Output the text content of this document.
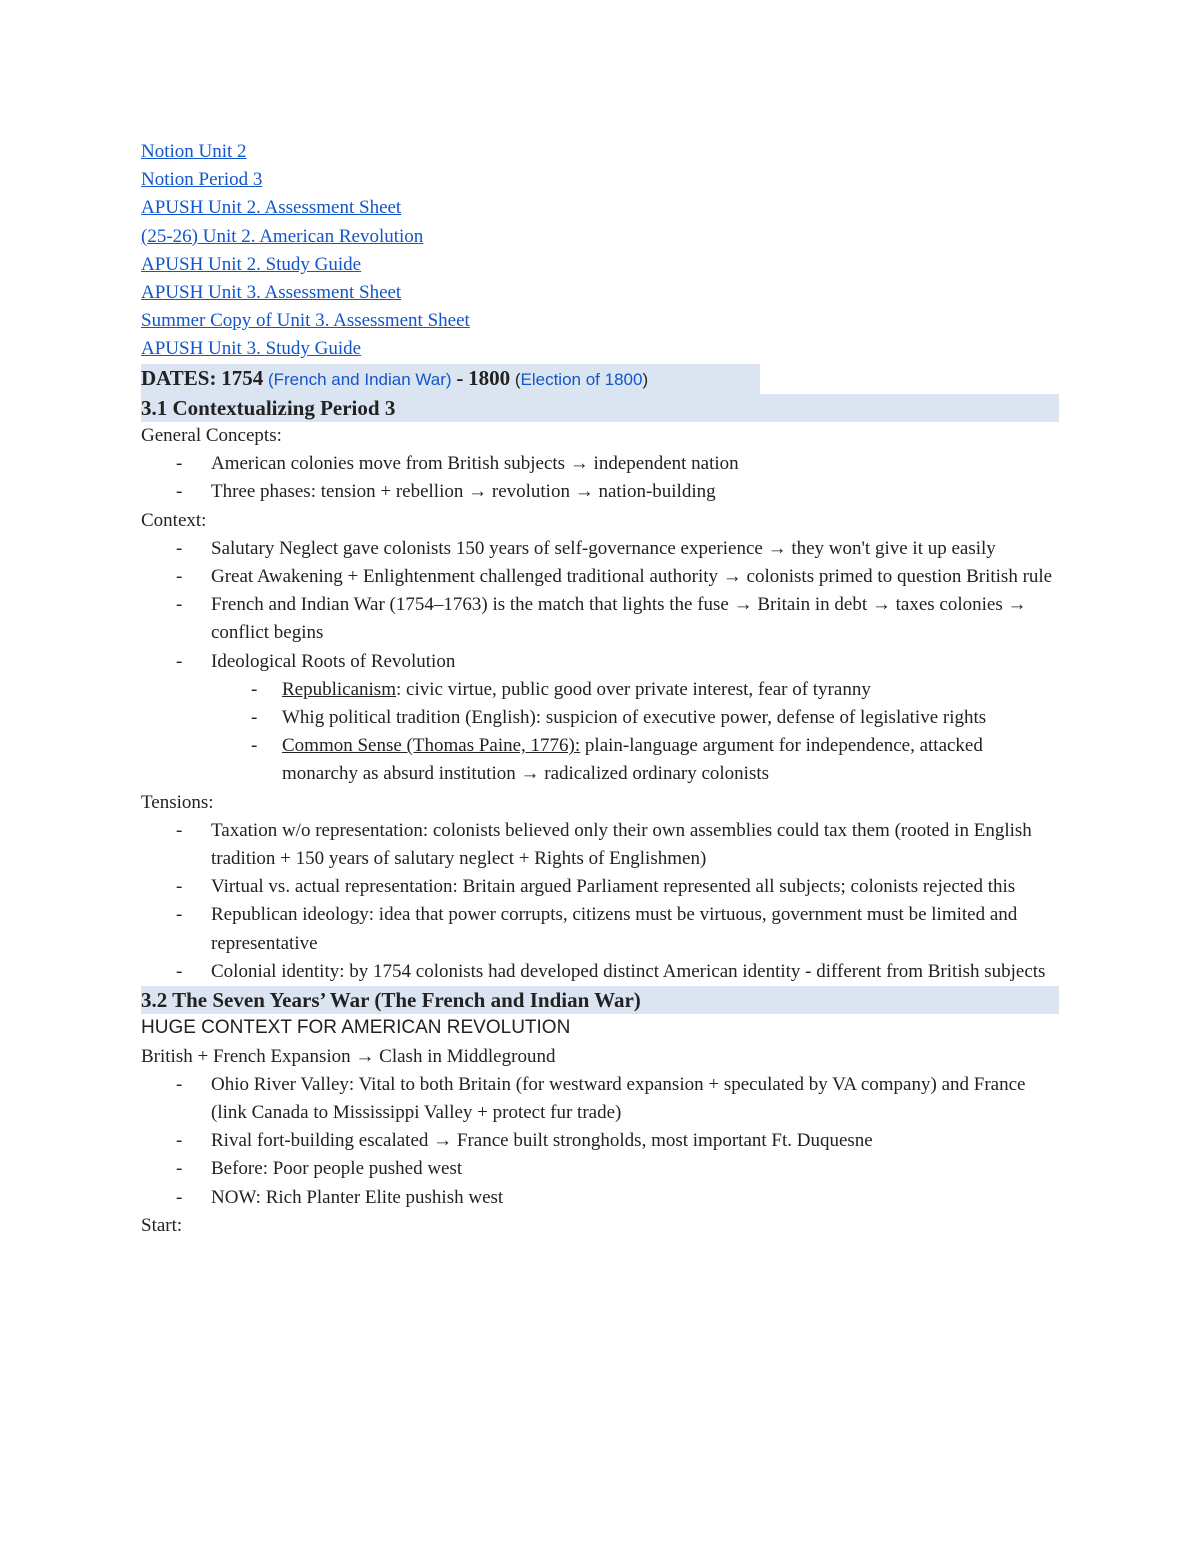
Notion Unit 2
Notion Period 3
APUSH Unit 2. Assessment Sheet
(25-26) Unit 2. American Revolution
APUSH Unit 2. Study Guide
APUSH Unit 3. Assessment Sheet
Summer Copy of Unit 3. Assessment Sheet
APUSH Unit 3. Study Guide
DATES: 1754 (French and Indian War) - 1800 (Election of 1800)
3.1 Contextualizing Period 3
General Concepts:
- American colonies move from British subjects → independent nation
- Three phases: tension + rebellion → revolution → nation-building
Context:
- Salutary Neglect gave colonists 150 years of self-governance experience → they won't give it up easily
- Great Awakening + Enlightenment challenged traditional authority → colonists primed to question British rule
- French and Indian War (1754–1763) is the match that lights the fuse → Britain in debt → taxes colonies → conflict begins
- Ideological Roots of Revolution
- Republicanism: civic virtue, public good over private interest, fear of tyranny
- Whig political tradition (English): suspicion of executive power, defense of legislative rights
- Common Sense (Thomas Paine, 1776): plain-language argument for independence, attacked monarchy as absurd institution → radicalized ordinary colonists
Tensions:
- Taxation w/o representation: colonists believed only their own assemblies could tax them (rooted in English tradition + 150 years of salutary neglect + Rights of Englishmen)
- Virtual vs. actual representation: Britain argued Parliament represented all subjects; colonists rejected this
- Republican ideology: idea that power corrupts, citizens must be virtuous, government must be limited and representative
- Colonial identity: by 1754 colonists had developed distinct American identity - different from British subjects
3.2 The Seven Years’ War (The French and Indian War)
HUGE CONTEXT FOR AMERICAN REVOLUTION
British + French Expansion → Clash in Middleground
- Ohio River Valley: Vital to both Britain (for westward expansion + speculated by VA company) and France (link Canada to Mississippi Valley + protect fur trade)
- Rival fort-building escalated → France built strongholds, most important Ft. Duquesne
- Before: Poor people pushed west
- NOW: Rich Planter Elite pushish west
Start:
